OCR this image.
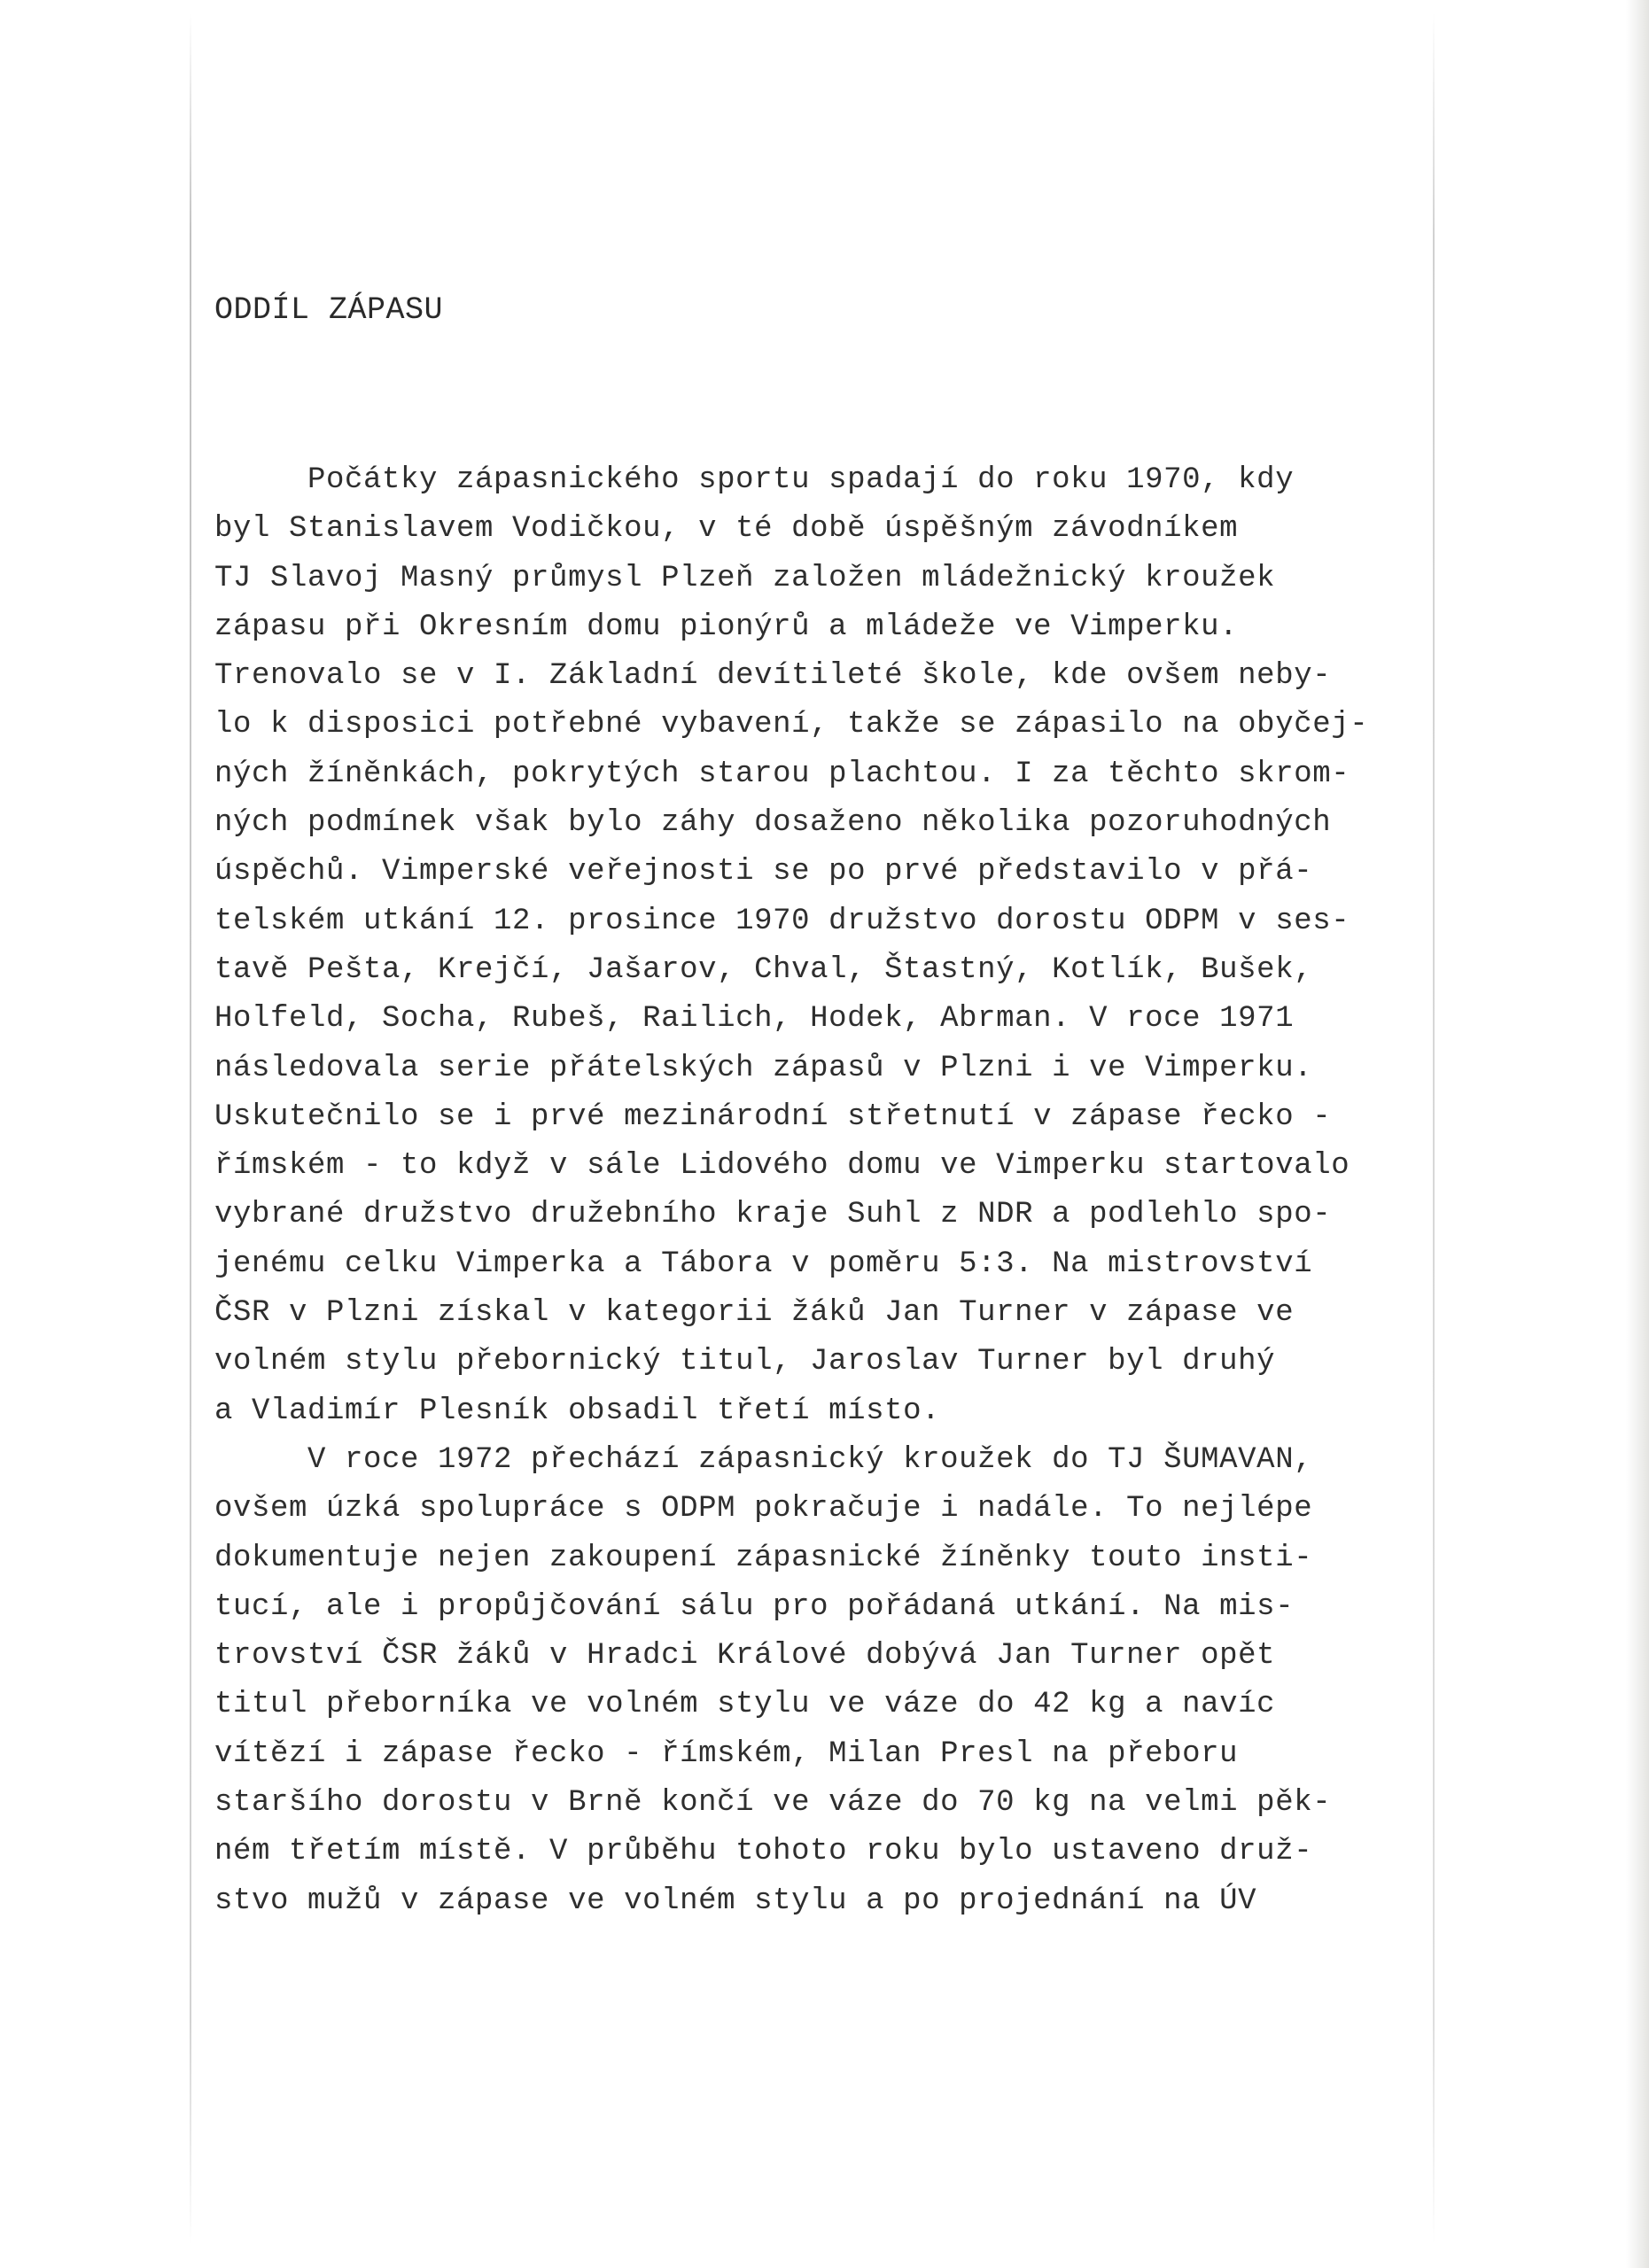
ODDÍL ZÁPASU
Počátky zápasnického sportu spadají do roku 1970, kdy
byl Stanislavem Vodičkou, v té době úspěšným závodníkem
TJ Slavoj Masný průmysl Plzeň založen mládežnický kroužek
zápasu při Okresním domu pionýrů a mládeže ve Vimperku.
Trenovalo se v I. Základní devítileté škole, kde ovšem neby-
lo k disposici potřebné vybavení, takže se zápasilo na obyčej-
ných žíněnkách, pokrytých starou plachtou. I za těchto skrom-
ných podmínek však bylo záhy dosaženo několika pozoruhodných
úspěchů. Vimperské veřejnosti se po prvé představilo v přá-
telském utkání 12. prosince 1970 družstvo dorostu ODPM v ses-
tavě Pešta, Krejčí, Jašarov, Chval, Štastný, Kotlík, Bušek,
Holfeld, Socha, Rubeš, Railich, Hodek, Abrman. V roce 1971
následovala serie přátelských zápasů v Plzni i ve Vimperku.
Uskutečnilo se i prvé mezinárodní střetnutí v zápase řecko -
římském - to když v sále Lidového domu ve Vimperku startovalo
vybrané družstvo družebního kraje Suhl z NDR a podlehlo spo-
jenému celku Vimperka a Tábora v poměru 5:3. Na mistrovství
ČSR v Plzni získal v kategorii žáků Jan Turner v zápase ve
volném stylu přebornický titul, Jaroslav Turner byl druhý
a Vladimír Plesník obsadil třetí místo.
V roce 1972 přechází zápasnický kroužek do TJ ŠUMAVAN,
ovšem úzká spolupráce s ODPM pokračuje i nadále. To nejlépe
dokumentuje nejen zakoupení zápasnické žíněnky touto insti-
tucí, ale i propůjčování sálu pro pořádaná utkání. Na mis-
trovství ČSR žáků v Hradci Králové dobývá Jan Turner opět
titul přeborníka ve volném stylu ve váze do 42 kg a navíc
vítězí i zápase řecko - římském, Milan Presl na přeboru
staršího dorostu v Brně končí ve váze do 70 kg na velmi pěk-
ném třetím místě. V průběhu tohoto roku bylo ustaveno druž-
stvo mužů v zápase ve volném stylu a po projednání na ÚV
